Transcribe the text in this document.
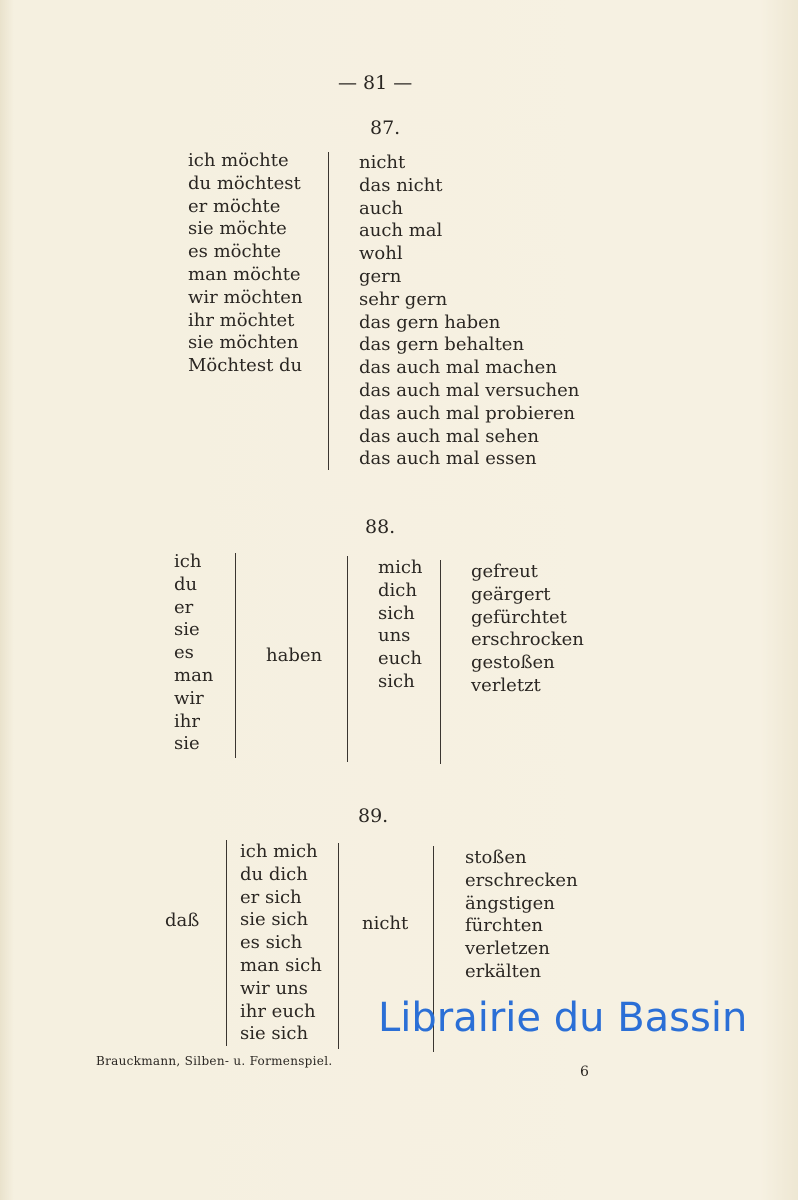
— 81 —
87.
ich möchte
du möchtest
er möchte
sie möchte
es möchte
man möchte
wir möchten
ihr möchtet
sie möchten
Möchtest du
nicht
das nicht
auch
auch mal
wohl
gern
sehr gern
das gern haben
das gern behalten
das auch mal machen
das auch mal versuchen
das auch mal probieren
das auch mal sehen
das auch mal essen
88.
ich
du
er
sie
es
man
wir
ihr
sie
haben
mich
dich
sich
uns
euch
sich
gefreut
geärgert
gefürchtet
erschrocken
gestoßen
verletzt
89.
daß
ich mich
du dich
er sich
sie sich
es sich
man sich
wir uns
ihr euch
sie sich
nicht
stoßen
erschrecken
ängstigen
fürchten
verletzen
erkälten
Brauckmann, Silben- u. Formenspiel.
6
Librairie du Bassin
